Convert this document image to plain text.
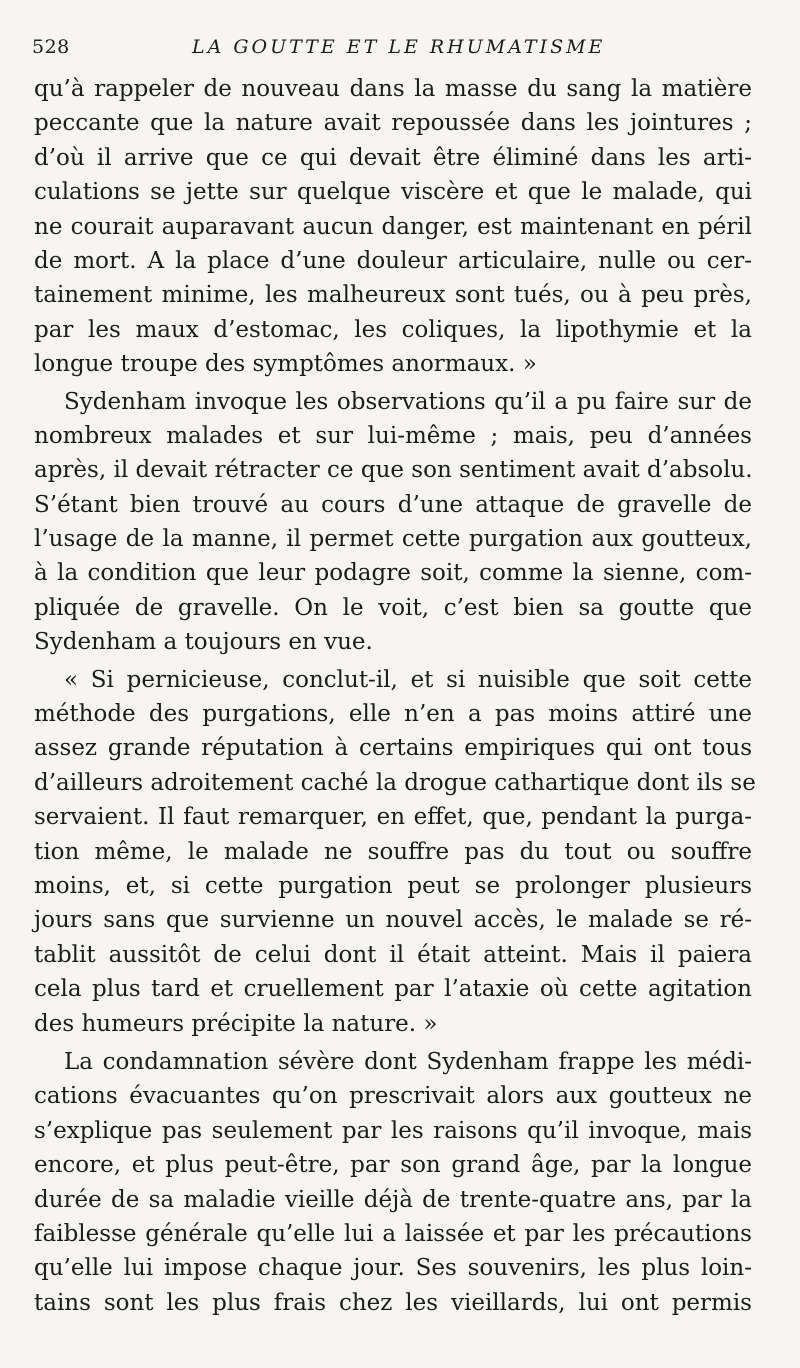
528	LA GOUTTE ET LE RHUMATISME
qu’à rappeler de nouveau dans la masse du sang la matière
peccante que la nature avait repoussée dans les jointures ;
d’où il arrive que ce qui devait être éliminé dans les arti-
culations se jette sur quelque viscère et que le malade, qui
ne courait auparavant aucun danger, est maintenant en péril
de mort. A la place d’une douleur articulaire, nulle ou cer-
tainement minime, les malheureux sont tués, ou à peu près,
par les maux d’estomac, les coliques, la lipothymie et la
longue troupe des symptômes anormaux. »
Sydenham invoque les observations qu’il a pu faire sur de
nombreux malades et sur lui-même ; mais, peu d’années
après, il devait rétracter ce que son sentiment avait d’absolu.
S’étant bien trouvé au cours d’une attaque de gravelle de
l’usage de la manne, il permet cette purgation aux goutteux,
à la condition que leur podagre soit, comme la sienne, com-
pliquée de gravelle. On le voit, c’est bien sa goutte que
Sydenham a toujours en vue.
« Si pernicieuse, conclut-il, et si nuisible que soit cette
méthode des purgations, elle n’en a pas moins attiré une
assez grande réputation à certains empiriques qui ont tous
d’ailleurs adroitement caché la drogue cathartique dont ils se
servaient. Il faut remarquer, en effet, que, pendant la purga-
tion même, le malade ne souffre pas du tout ou souffre
moins, et, si cette purgation peut se prolonger plusieurs
jours sans que survienne un nouvel accès, le malade se ré-
tablit aussitôt de celui dont il était atteint. Mais il paiera
cela plus tard et cruellement par l’ataxie où cette agitation
des humeurs précipite la nature. »
La condamnation sévère dont Sydenham frappe les médi-
cations évacuantes qu’on prescrivait alors aux goutteux ne
s’explique pas seulement par les raisons qu’il invoque, mais
encore, et plus peut-être, par son grand âge, par la longue
durée de sa maladie vieille déjà de trente-quatre ans, par la
faiblesse générale qu’elle lui a laissée et par les précautions
qu’elle lui impose chaque jour. Ses souvenirs, les plus loin-
tains sont les plus frais chez les vieillards, lui ont permis
